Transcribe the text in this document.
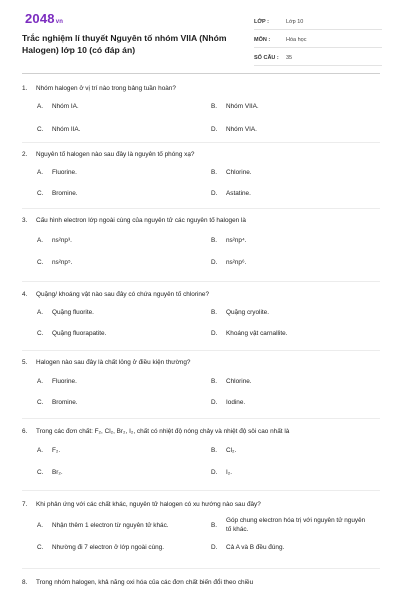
2048vn
Trắc nghiệm lí thuyết Nguyên tố nhóm VIIA (Nhóm Halogen) lớp 10 (có đáp án)
LỚP :	Lớp 10
MÔN :	Hóa học
SỐ CÂU :	35
1.	Nhóm halogen ở vị trí nào trong bảng tuần hoàn?
A.	Nhóm IA.	B.	Nhóm VIIA.
C.	Nhóm IIA.	D.	Nhóm VIA.
2.	Nguyên tố halogen nào sau đây là nguyên tố phóng xạ?
A.	Fluorine.	B.	Chlorine.
C.	Bromine.	D.	Astatine.
3.	Cấu hình electron lớp ngoài cùng của nguyên tử các nguyên tố halogen là
A.	ns²np³.	B.	ns²np⁴.
C.	ns²np⁵.	D.	ns²np⁶.
4.	Quặng/ khoáng vật nào sau đây có chứa nguyên tố chlorine?
A.	Quặng fluorite.	B.	Quặng cryolite.
C.	Quặng fluorapatite.	D.	Khoáng vật carnallite.
5.	Halogen nào sau đây là chất lỏng ở điều kiện thường?
A.	Fluorine.	B.	Chlorine.
C.	Bromine.	D.	Iodine.
6.	Trong các đơn chất: F₂, Cl₂, Br₂, I₂, chất có nhiệt độ nóng chảy và nhiệt độ sôi cao nhất là
A.	F₂.	B.	Cl₂.
C.	Br₂.	D.	I₂.
7.	Khi phản ứng với các chất khác, nguyên tử halogen có xu hướng nào sau đây?
A.	Nhận thêm 1 electron từ nguyên tử khác.	B.
Góp chung electron hóa trị với nguyên tử nguyên tố khác.
C.	Nhường đi 7 electron ở lớp ngoài cùng.	D.	Cả A và B đều đúng.
8.	Trong nhóm halogen, khả năng oxi hóa của các đơn chất biến đổi theo chiều
